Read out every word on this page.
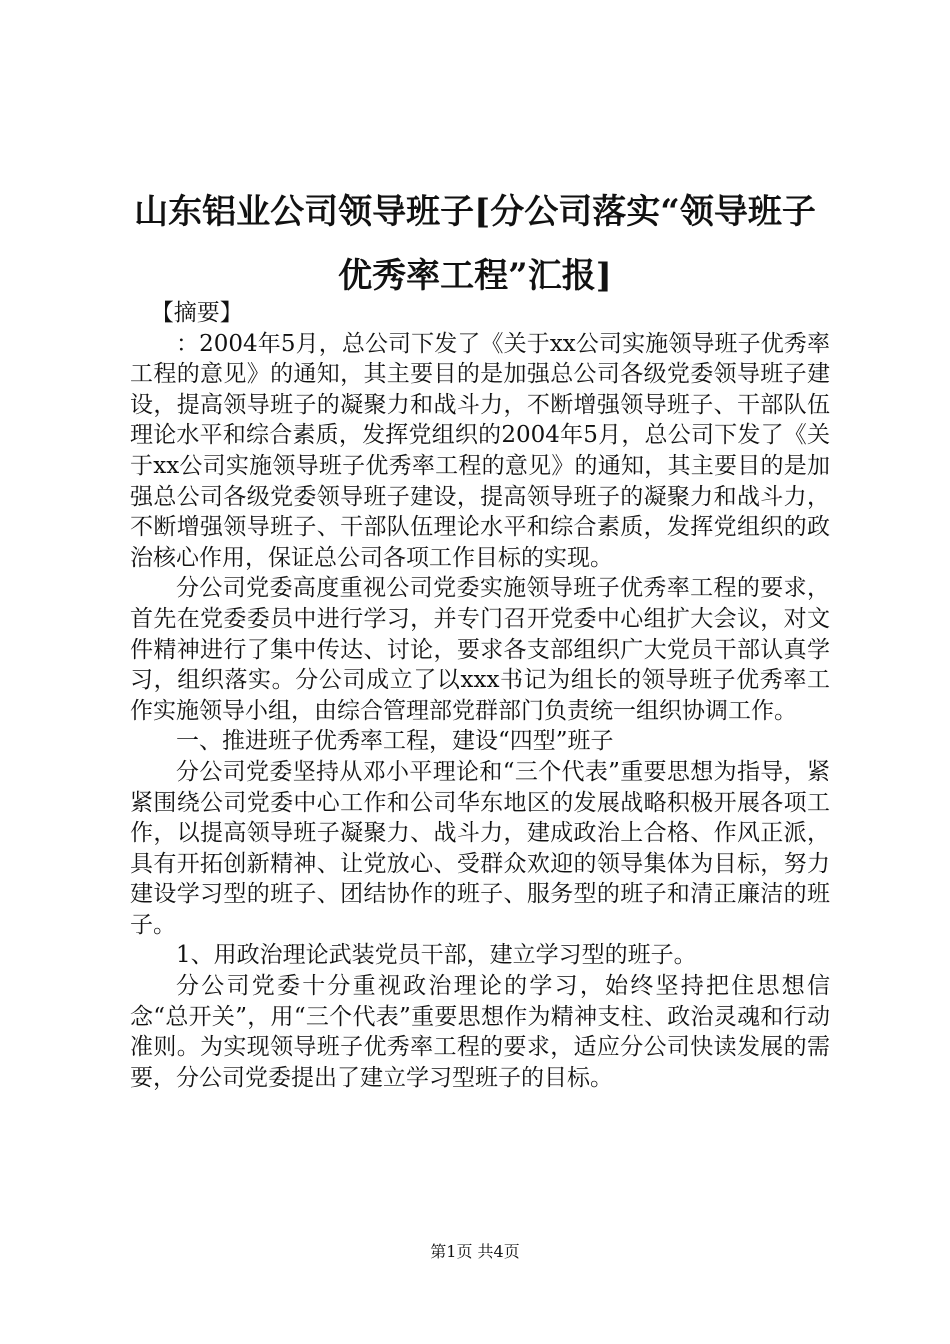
山东铝业公司领导班子[分公司落实“领导班子优秀率工程”汇报]

【摘要】

：2004年5月，总公司下发了《关于xx公司实施领导班子优秀率工程的意见》的通知，其主要目的是加强总公司各级党委领导班子建设，提高领导班子的凝聚力和战斗力，不断增强领导班子、干部队伍理论水平和综合素质，发挥党组织的2004年5月，总公司下发了《关于xx公司实施领导班子优秀率工程的意见》的通知，其主要目的是加强总公司各级党委领导班子建设，提高领导班子的凝聚力和战斗力，不断增强领导班子、干部队伍理论水平和综合素质，发挥党组织的政治核心作用，保证总公司各项工作目标的实现。

分公司党委高度重视公司党委实施领导班子优秀率工程的要求，首先在党委委员中进行学习，并专门召开党委中心组扩大会议，对文件精神进行了集中传达、讨论，要求各支部组织广大党员干部认真学习，组织落实。分公司成立了以xxx书记为组长的领导班子优秀率工作实施领导小组，由综合管理部党群部门负责统一组织协调工作。

一、推进班子优秀率工程，建设“四型”班子

分公司党委坚持从邓小平理论和“三个代表”重要思想为指导，紧紧围绕公司党委中心工作和公司华东地区的发展战略积极开展各项工作，以提高领导班子凝聚力、战斗力，建成政治上合格、作风正派，具有开拓创新精神、让党放心、受群众欢迎的领导集体为目标，努力建设学习型的班子、团结协作的班子、服务型的班子和清正廉洁的班子。

1、用政治理论武装党员干部，建立学习型的班子。

分公司党委十分重视政治理论的学习，始终坚持把住思想信念“总开关”，用“三个代表”重要思想作为精神支柱、政治灵魂和行动准则。为实现领导班子优秀率工程的要求，适应分公司快读发展的需要，分公司党委提出了建立学习型班子的目标。

第1页 共4页
